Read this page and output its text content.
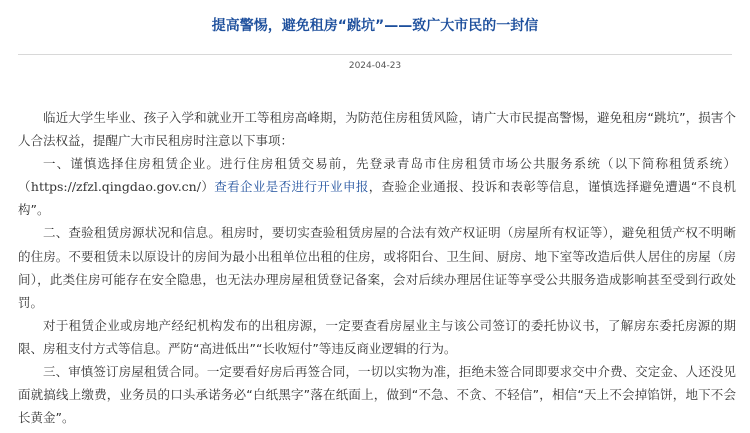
提高警惕，避免租房“跳坑”——致广大市民的一封信
2024-04-23

临近大学生毕业、孩子入学和就业开工等租房高峰期，为防范住房租赁风险，请广大市民提高警惕，避免租房“跳坑”，损害个人合法权益，提醒广大市民租房时注意以下事项：

一、谨慎选择住房租赁企业。进行住房租赁交易前，先登录青岛市住房租赁市场公共服务系统（以下简称租赁系统）（https://zfzl.qingdao.gov.cn/）查看企业是否进行开业申报，查验企业通报、投诉和表彰等信息，谨慎选择避免遭遇“不良机构”。

二、查验租赁房源状况和信息。租房时，要切实查验租赁房屋的合法有效产权证明（房屋所有权证等），避免租赁产权不明晰的住房。不要租赁未以原设计的房间为最小出租单位出租的住房，或将阳台、卫生间、厨房、地下室等改造后供人居住的房屋（房间），此类住房可能存在安全隐患，也无法办理房屋租赁登记备案，会对后续办理居住证等享受公共服务造成影响甚至受到行政处罚。

对于租赁企业或房地产经纪机构发布的出租房源，一定要查看房屋业主与该公司签订的委托协议书，了解房东委托房源的期限、房租支付方式等信息。严防“高进低出”“长收短付”等违反商业逻辑的行为。

三、审慎签订房屋租赁合同。一定要看好房后再签合同，一切以实物为准，拒绝未签合同即要求交中介费、交定金、人还没见面就搞线上缴费，业务员的口头承诺务必“白纸黑字”落在纸面上，做到“不急、不贪、不轻信”，相信“天上不会掉馅饼，地下不会长黄金”。
